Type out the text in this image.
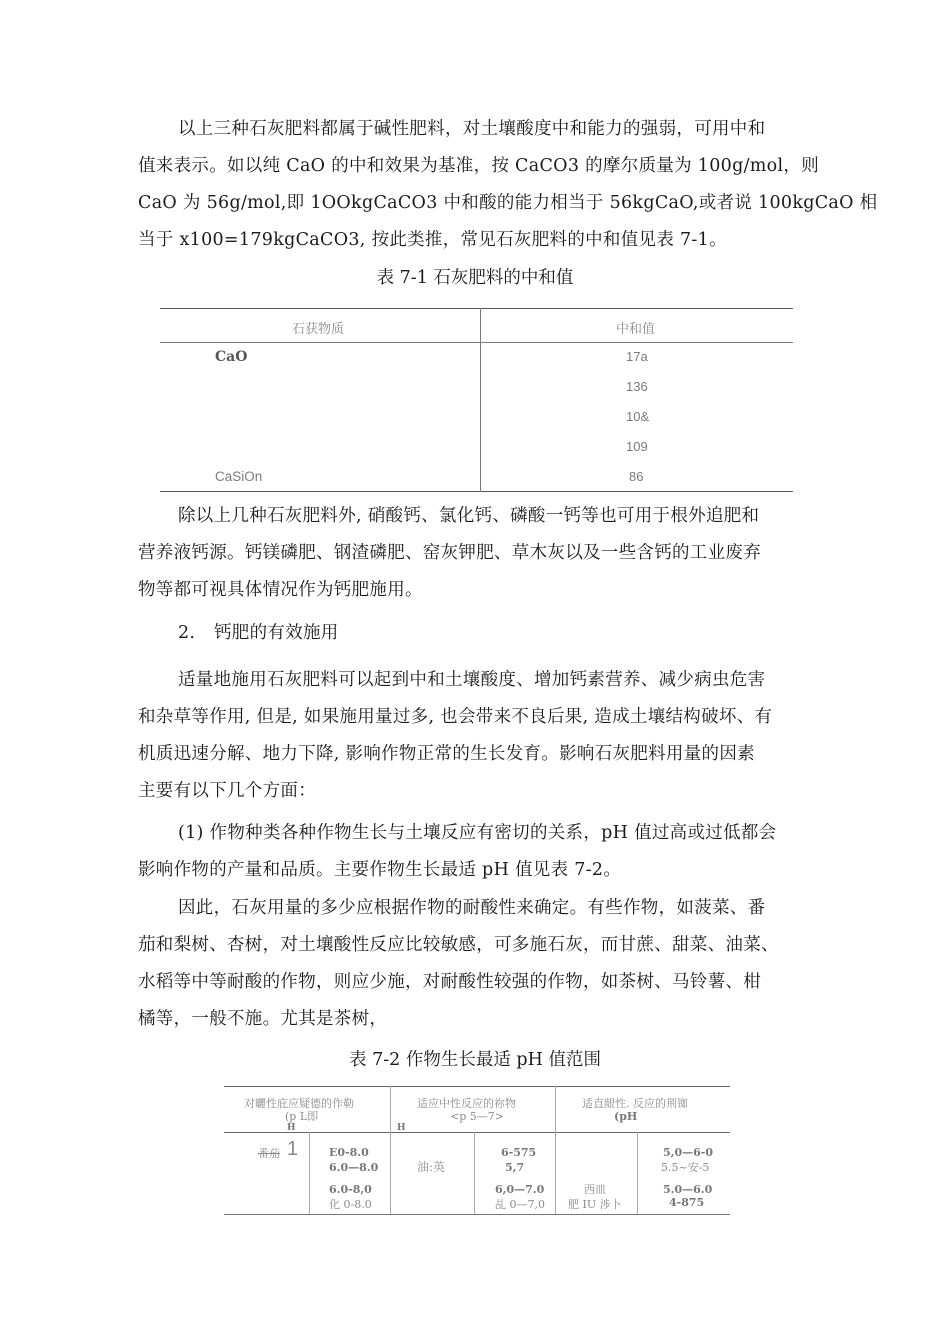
以上三种石灰肥料都属于碱性肥料，对土壤酸度中和能力的强弱，可用中和
值来表示。如以纯 CaO 的中和效果为基准，按 CaCO3 的摩尔质量为 100g/mol，则
CaO 为 56g/mol,即 1OOkgCaCO3 中和酸的能力相当于 56kgCaO,或者说 100kgCaO 相
当于 x100=179kgCaCO3, 按此类推，常见石灰肥料的中和值见表 7-1。
表 7-1 石灰肥料的中和值
石获物质	中和值
CaO
CaSiOn
17a
136
10&
109
86
除以上几种石灰肥料外, 硝酸钙、氯化钙、磷酸一钙等也可用于根外追肥和
营养液钙源。钙镁磷肥、钢渣磷肥、窑灰钾肥、草木灰以及一些含钙的工业废弃
物等都可视具体情况作为钙肥施用。
2. 钙肥的有效施用
适量地施用石灰肥料可以起到中和土壤酸度、增加钙素营养、减少病虫危害
和杂草等作用, 但是, 如果施用量过多, 也会带来不良后果, 造成土壤结构破坏、有
机质迅速分解、地力下降, 影响作物正常的生长发育。影响石灰肥料用量的因素
主要有以下几个方面：
(1) 作物种类各种作物生长与土壤反应有密切的关系，pH 值过高或过低都会
影响作物的产量和品质。主要作物生长最适 pH 值见表 7-2。
因此，石灰用量的多少应根据作物的耐酸性来确定。有些作物，如菠菜、番
茄和梨树、杏树，对土壤酸性反应比较敏感，可多施石灰，而甘蔗、甜菜、油菜、
水稻等中等耐酸的作物，则应少施，对耐酸性较强的作物，如茶树、马铃薯、柑
橘等，一般不施。尤其是茶树，
表 7-2 作物生长最适 pH 值范围
对曬性庇应疑德的作勒
(p L即
H
适应中性反应的祢物
<p 5—7>
H
适直龈性. 反应的荆铷
(pH
番茄 1	E0-8.0
6.0—8.0
6.0-8,0
化 0-8.0
油:英
6-575
5,7
6,0—7.0
乩 0—7,0
西皿
肥 IU 涉卜
5,0—6-0
5.5~安-5
5.0—6.0
4-875
